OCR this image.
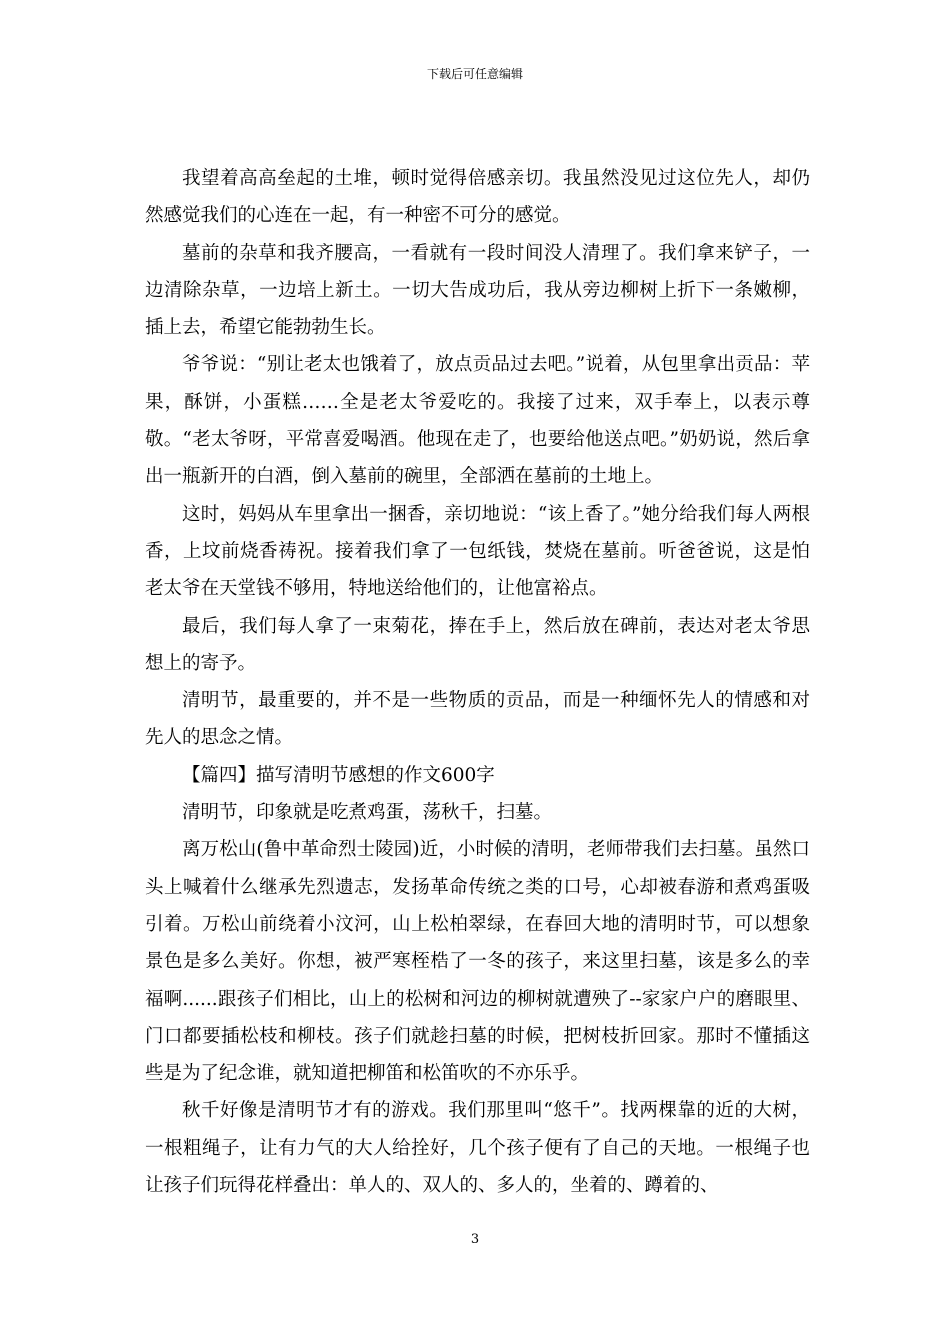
下载后可任意编辑

我望着高高垒起的土堆，顿时觉得倍感亲切。我虽然没见过这位先人，却仍然感觉我们的心连在一起，有一种密不可分的感觉。

墓前的杂草和我齐腰高，一看就有一段时间没人清理了。我们拿来铲子，一边清除杂草，一边培上新土。一切大告成功后，我从旁边柳树上折下一条嫩柳，插上去，希望它能勃勃生长。

爷爷说：“别让老太也饿着了，放点贡品过去吧。”说着，从包里拿出贡品：苹果，酥饼，小蛋糕……全是老太爷爱吃的。我接了过来，双手奉上，以表示尊敬。“老太爷呀，平常喜爱喝酒。他现在走了，也要给他送点吧。”奶奶说，然后拿出一瓶新开的白酒，倒入墓前的碗里，全部洒在墓前的土地上。

这时，妈妈从车里拿出一捆香，亲切地说：“该上香了。”她分给我们每人两根香，上坟前烧香祷祝。接着我们拿了一包纸钱，焚烧在墓前。听爸爸说，这是怕老太爷在天堂钱不够用，特地送给他们的，让他富裕点。

最后，我们每人拿了一束菊花，捧在手上，然后放在碑前，表达对老太爷思想上的寄予。

清明节，最重要的，并不是一些物质的贡品，而是一种缅怀先人的情感和对先人的思念之情。

【篇四】描写清明节感想的作文600字

清明节，印象就是吃煮鸡蛋，荡秋千，扫墓。

离万松山(鲁中革命烈士陵园)近，小时候的清明，老师带我们去扫墓。虽然口头上喊着什么继承先烈遗志，发扬革命传统之类的口号，心却被春游和煮鸡蛋吸引着。万松山前绕着小汶河，山上松柏翠绿，在春回大地的清明时节，可以想象景色是多么美好。你想，被严寒桎梏了一冬的孩子，来这里扫墓，该是多么的幸福啊......跟孩子们相比，山上的松树和河边的柳树就遭殃了--家家户户的磨眼里、门口都要插松枝和柳枝。孩子们就趁扫墓的时候，把树枝折回家。那时不懂插这些是为了纪念谁，就知道把柳笛和松笛吹的不亦乐乎。

秋千好像是清明节才有的游戏。我们那里叫“悠千”。找两棵靠的近的大树，一根粗绳子，让有力气的大人给拴好，几个孩子便有了自己的天地。一根绳子也让孩子们玩得花样叠出：单人的、双人的、多人的，坐着的、蹲着的、

3
